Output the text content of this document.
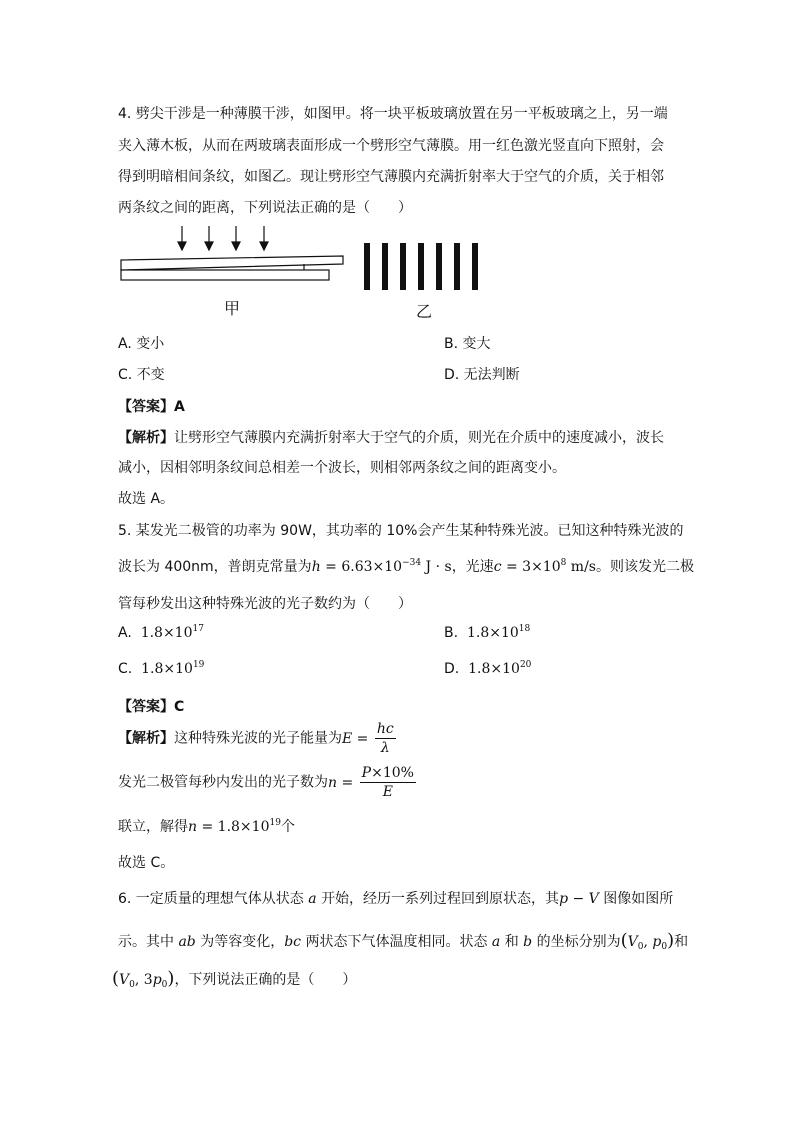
4. 劈尖干涉是一种薄膜干涉，如图甲。将一块平板玻璃放置在另一平板玻璃之上，另一端
夹入薄木板，从而在两玻璃表面形成一个劈形空气薄膜。用一红色激光竖直向下照射，会
得到明暗相间条纹，如图乙。现让劈形空气薄膜内充满折射率大于空气的介质，关于相邻
两条纹之间的距离，下列说法正确的是（　　）
甲	乙
A. 变小	B. 变大
C. 不变	D. 无法判断
【答案】A
【解析】让劈形空气薄膜内充满折射率大于空气的介质，则光在介质中的速度减小，波长
减小，因相邻明条纹间总相差一个波长，则相邻两条纹之间的距离变小。
故选 A。
5. 某发光二极管的功率为 90W，其功率的 10%会产生某种特殊光波。已知这种特殊光波的
波长为 400nm，普朗克常量为$h = 6.63\times 10^{-34}$ J · s，光速$c = 3\times 10^8$ m/s。则该发光二极
管每秒发出这种特殊光波的光子数约为（　　）
A. $1.8\times 10^{17}$	B. $1.8\times 10^{18}$
C. $1.8\times 10^{19}$	D. $1.8\times 10^{20}$
【答案】C
【解析】这种特殊光波的光子能量为$E = \frac{hc}{\lambda}$
发光二极管每秒内发出的光子数为$n = \frac{P\times 10\%}{E}$
联立，解得$n = 1.8\times 10^{19}$个
故选 C。
6. 一定质量的理想气体从状态 a 开始，经历一系列过程回到原状态，其p − V 图像如图所
示。其中 ab 为等容变化，bc 两状态下气体温度相同。状态 a 和 b 的坐标分别为($V_0$, $p_0$)和
($V_0$, $3p_0$)，下列说法正确的是（　　）
